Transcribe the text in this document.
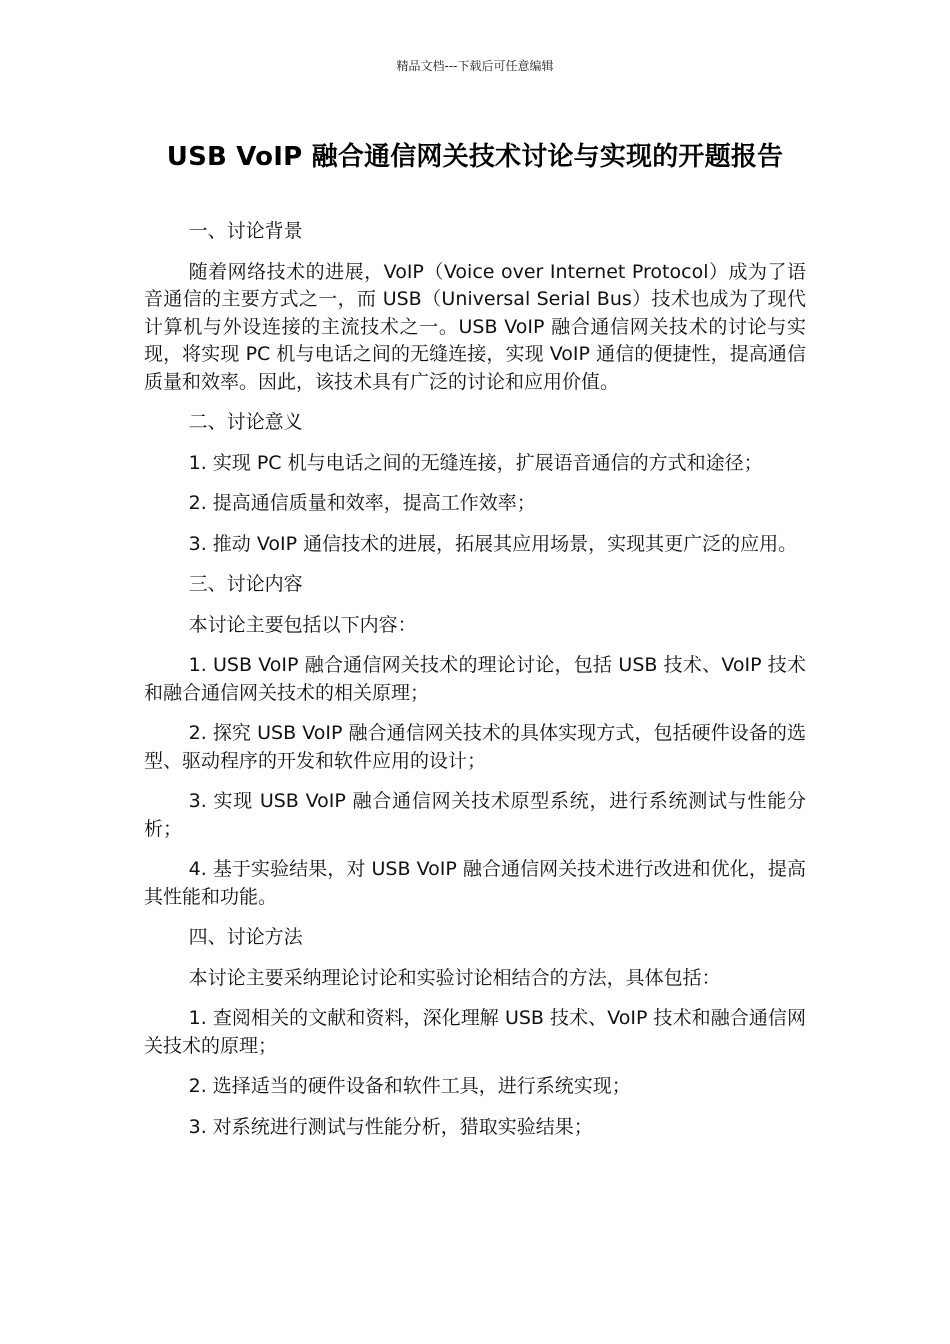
精品文档---下载后可任意编辑
USB VoIP 融合通信网关技术讨论与实现的开题报告

一、讨论背景

随着网络技术的进展，VoIP（Voice over Internet Protocol）成为了语音通信的主要方式之一，而 USB（Universal Serial Bus）技术也成为了现代计算机与外设连接的主流技术之一。USB VoIP 融合通信网关技术的讨论与实现，将实现 PC 机与电话之间的无缝连接，实现 VoIP 通信的便捷性，提高通信质量和效率。因此，该技术具有广泛的讨论和应用价值。

二、讨论意义

1. 实现 PC 机与电话之间的无缝连接，扩展语音通信的方式和途径；

2. 提高通信质量和效率，提高工作效率；

3. 推动 VoIP 通信技术的进展，拓展其应用场景，实现其更广泛的应用。

三、讨论内容

本讨论主要包括以下内容：

1. USB VoIP 融合通信网关技术的理论讨论，包括 USB 技术、VoIP 技术和融合通信网关技术的相关原理；

2. 探究 USB VoIP 融合通信网关技术的具体实现方式，包括硬件设备的选型、驱动程序的开发和软件应用的设计；

3. 实现 USB VoIP 融合通信网关技术原型系统，进行系统测试与性能分析；

4. 基于实验结果，对 USB VoIP 融合通信网关技术进行改进和优化，提高其性能和功能。

四、讨论方法

本讨论主要采纳理论讨论和实验讨论相结合的方法，具体包括：

1. 查阅相关的文献和资料，深化理解 USB 技术、VoIP 技术和融合通信网关技术的原理；

2. 选择适当的硬件设备和软件工具，进行系统实现；

3. 对系统进行测试与性能分析，猎取实验结果；
